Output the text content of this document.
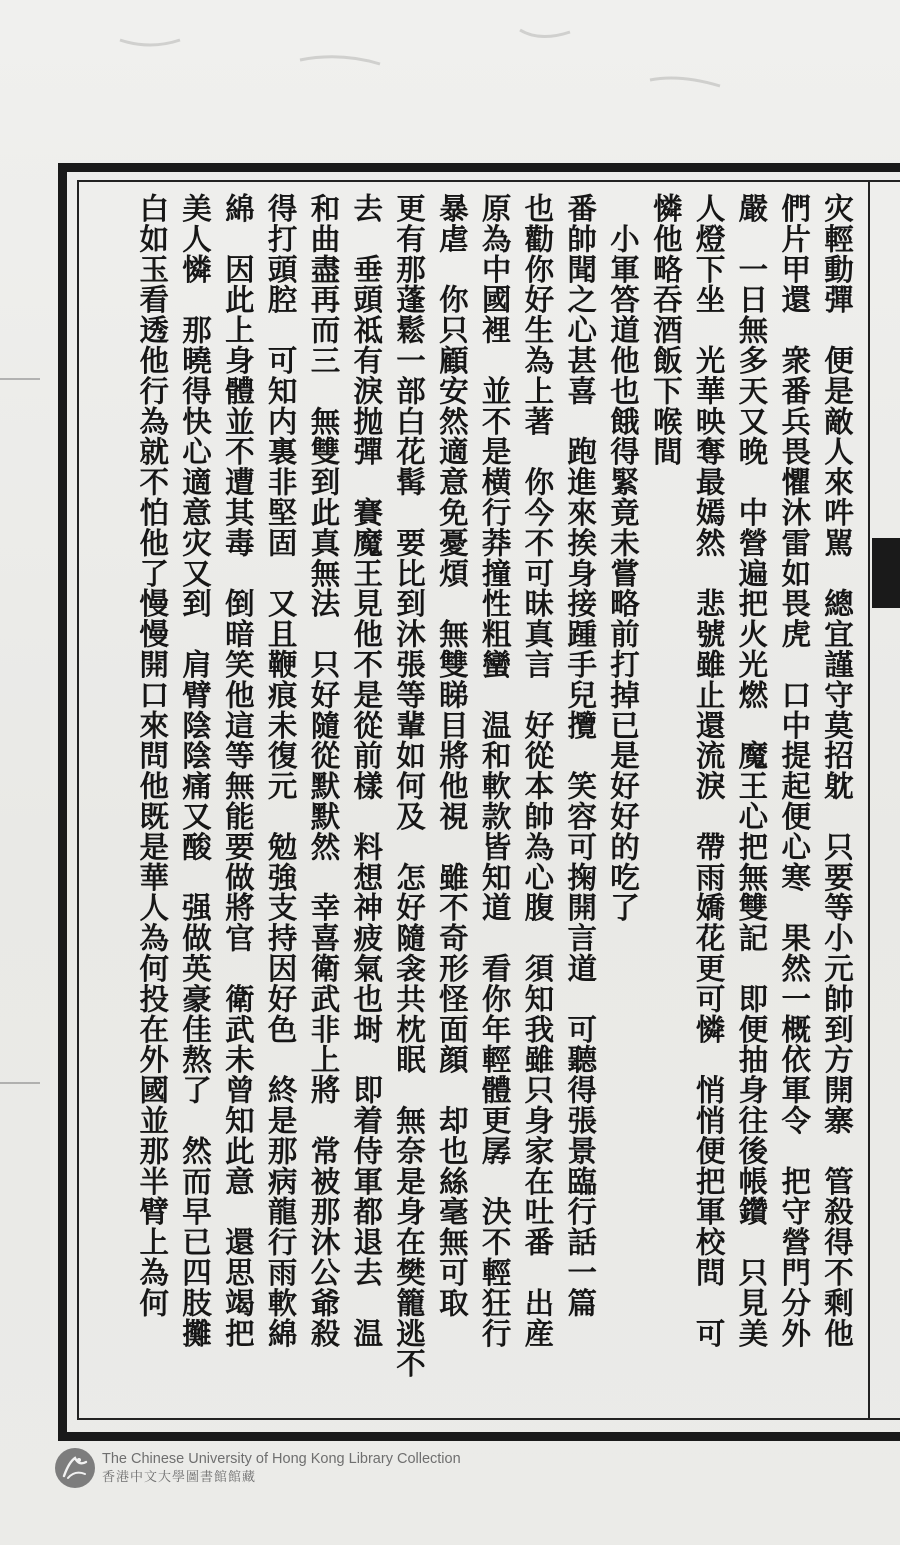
灾輕動彈　便是敵人來吽駡　總宜謹守莫招躭　只要等小元帥到方開寨　管殺得不剩他
們片甲還　衆番兵畏懼沐雷如畏虎　口中提起便心寒　果然一概依軍令　把守營門分外
嚴　一日無多天又晚　中營遍把火光燃　魔王心把無雙記　即便抽身往後帳鑽　只見美
人燈下坐　光華映奪最嫣然　悲號雖止還流淚　帶雨嬌花更可憐　悄悄便把軍校問　可
憐他略吞酒飯下喉間
　小軍答道他也餓得緊竟未嘗略前打掉已是好好的吃了
番帥聞之心甚喜　跑進來挨身接踵手兒攬　笑容可掬開言道　可聽得張景臨行話一篇
也勸你好生為上著　你今不可昧真言　好從本帥為心腹　須知我雖只身家在吐番　出産
原為中國裡　並不是横行莽撞性粗蠻　温和軟款皆知道　看你年輕體更孱　決不輕狂行
暴虐　你只顧安然適意免憂煩　無雙睇目將他視　雖不奇形怪面顔　却也絲毫無可取
更有那蓬鬆一部白花髯　要比到沐張等輩如何及　怎好隨衾共枕眠　無奈是身在樊籠逃不
去　垂頭祗有淚抛彈　賽魔王見他不是從前樣　料想神疲氣也埘　即着侍軍都退去　温
和曲盡再而三　無雙到此真無法　只好隨從默默然　幸喜衛武非上將　常被那沐公爺殺
得打頭腔　可知内裏非堅固　又且鞭痕未復元　勉強支持因好色　終是那病龍行雨軟綿
綿　因此上身體並不遭其毒　倒暗笑他這等無能要做將官　衛武未曾知此意　還思竭把
美人憐　那曉得快心適意灾又到　肩臂陰陰痛又酸　强做英豪佳熬了　然而早已四肢攤
白如玉看透他行為就不怕他了慢慢開口來問他既是華人為何投在外國並那半臂上為何
The Chinese University of Hong Kong Library Collection
香港中文大學圖書館館藏
